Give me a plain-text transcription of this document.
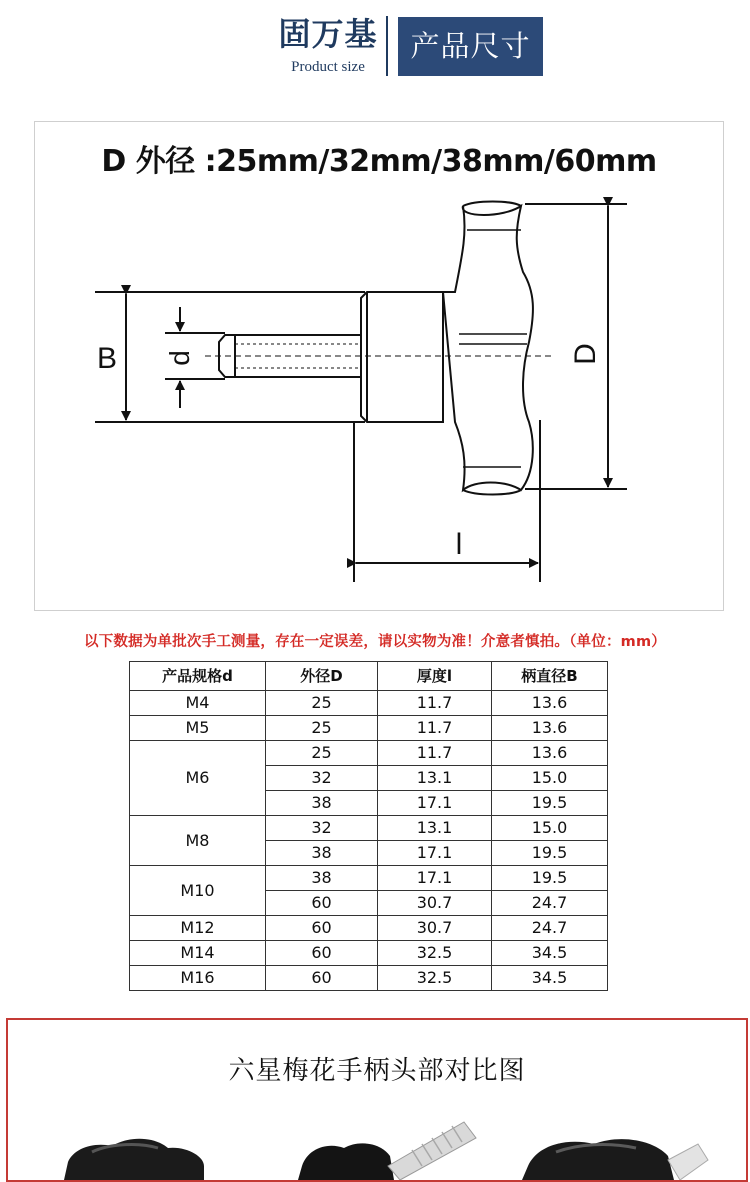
固万基
Product size
产品尺寸
D 外径 :25mm/32mm/38mm/60mm
B d	D
l
以下数据为单批次手工测量，存在一定误差，请以实物为准！介意者慎拍。（单位：mm）
产品规格d	外径D	厚度l	柄直径B
M4	25	11.7	13.6
M5	25	11.7	13.6
M6	25	11.7	13.6
	32	13.1	15.0
	38	17.1	19.5
M8	32	13.1	15.0
	38	17.1	19.5
M10	38	17.1	19.5
	60	30.7	24.7
M12	60	30.7	24.7
M14	60	32.5	34.5
M16	60	32.5	34.5
六星梅花手柄头部对比图
